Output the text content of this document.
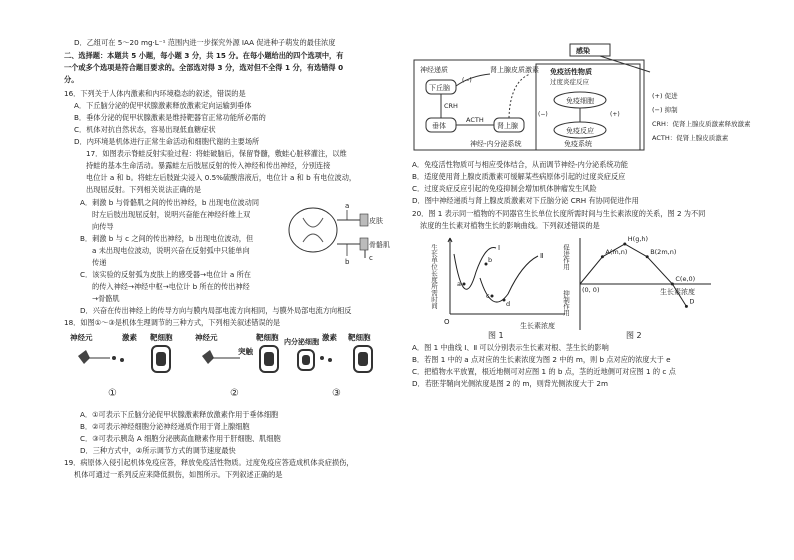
D．乙组可在 5～20 mg·L⁻¹ 范围内进一步探究外源 IAA 促进种子萌发的最佳浓度
二、选择题：本题共 5 小题，每小题 3 分，共 15 分。在每小题给出的四个选项中，有
一个或多个选项是符合题目要求的。全部选对得 3 分，选对但不全得 1 分，有选错得 0
分。
16．下列关于人体内激素和内环境稳态的叙述，错误的是
A．下丘脑分泌的促甲状腺激素释放激素定向运输到垂体
B．垂体分泌的促甲状腺激素是维持靶器官正常功能所必需的
C．机体对抗自然状态，容易出现低血糖症状
D．内环境是机体进行正常生命活动和细胞代谢的主要场所
17．如图表示脊蛙反射实验过程：将蛙破脑后，保留脊髓，敷蛙心脏移灌注，以维
持蛙的基本生命活动。暴露蛙左后肢屈反射的传入神经和传出神经，分别连接
电位计 a 和 b。将蛙左后肢趾尖浸入 0.5%硫酸溶液后，电位计 a 和 b 有电位波动，
出现屈反射。下列相关说法正确的是
A．刺激 b 与骨骼肌之间的传出神经，b 出现电位波动同
时左后肢出现屈反射，说明兴奋能在神经纤维上双
向传导
B．刺激 b 与 c 之间的传出神经，b 出现电位波动，但
a 未出现电位波动，说明兴奋在反射弧中只能单向
传递
C．该实验的反射弧为皮肤上的感受器→电位计 a 所在
的传入神经→神经中枢→电位计 b 所在的传出神经
→骨骼肌
D．兴奋在传出神经上的传导方向与膜内局部电流方向相同，与膜外局部电流方向相反
a
b	c
皮肤
骨骼肌
18．如图①～③是机体生理调节的三种方式，下列相关叙述错误的是
神经元	激素 靶细胞
①
神经元
突触
靶细胞
②
内分泌细胞 激素 靶细胞
③
A．①可表示下丘脑分泌促甲状腺激素释放激素作用于垂体细胞
B．②可表示神经细胞分泌神经递质作用于肾上腺细胞
C．③可表示胰岛 A 细胞分泌胰高血糖素作用于肝细胞、肌细胞
D．三种方式中，②所示调节方式的调节速度最快
19．病原体入侵引起机体免疫应答，释放免疫活性物质。过度免疫应答造成机体炎症损伤，
机体可通过一系列反应来降低损伤，如图所示。下列叙述正确的是
感染
神经递质
下丘脑
CRH
垂体
ACTH
肾上腺
肾上腺皮质激素
神经-内分泌系统
(−)
免疫活性物质
过度炎症反应
免疫细胞
免疫反应
免疫系统
(+)
(−)
(+) 促进
(−) 抑制
CRH：促肾上腺皮质激素释放激素
ACTH：促肾上腺皮质激素
A．免疫活性物质可与相应受体结合，从而调节神经-内分泌系统功能
B．适度使用肾上腺皮质激素可缓解某些病原体引起的过度炎症反应
C．过度炎症反应引起的免疫抑制会增加机体肿瘤发生风险
D．图中神经递质与肾上腺皮质激素对下丘脑分泌 CRH 有协同促进作用
20．图 1 表示同一植物的不同器官生长单位长度所需时间与生长素浓度的关系，图 2 为不同
浓度的生长素对植物生长的影响曲线。下列叙述错误的是
生长单位长度所需时间
生长素浓度
O
a
b
c
d
Ⅰ
Ⅱ
图 1
促进作用
抑制作用	生长素浓度
(0, 0)
A(m,n)
H(g,h)
B(2m,n)
C(e,0)
D
图 2
A．图 1 中曲线 Ⅰ、Ⅱ 可以分别表示生长素对根、茎生长的影响
B．若图 1 中的 a 点对应的生长素浓度为图 2 中的 m，则 b 点对应的浓度大于 e
C．把植物水平放置，根近地侧可对应图 1 的 b 点，茎的近地侧可对应图 1 的 c 点
D．若胚芽鞘向光侧浓度是图 2 的 m，则背光侧浓度大于 2m
